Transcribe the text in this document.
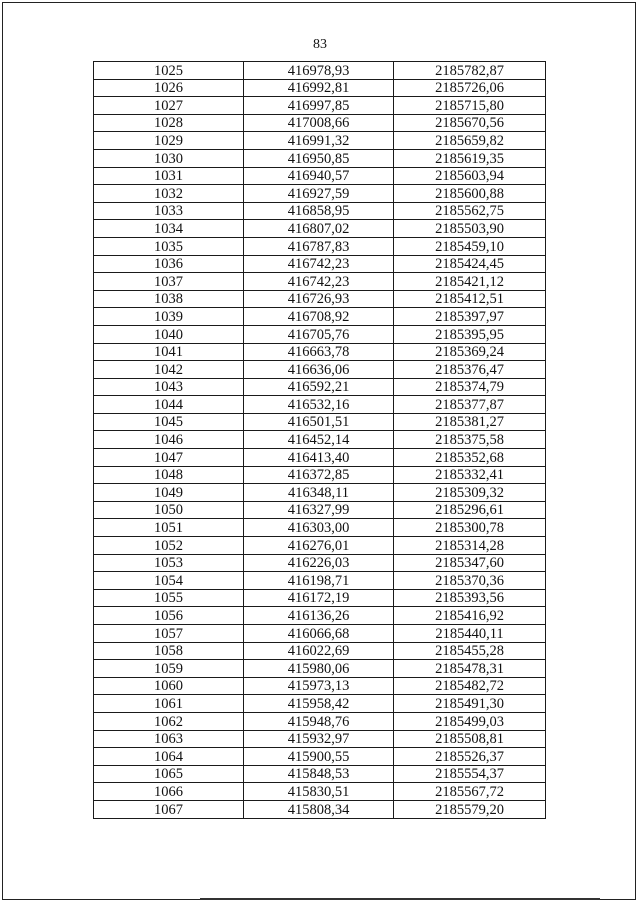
83
1025	416978,93	2185782,87
1026	416992,81	2185726,06
1027	416997,85	2185715,80
1028	417008,66	2185670,56
1029	416991,32	2185659,82
1030	416950,85	2185619,35
1031	416940,57	2185603,94
1032	416927,59	2185600,88
1033	416858,95	2185562,75
1034	416807,02	2185503,90
1035	416787,83	2185459,10
1036	416742,23	2185424,45
1037	416742,23	2185421,12
1038	416726,93	2185412,51
1039	416708,92	2185397,97
1040	416705,76	2185395,95
1041	416663,78	2185369,24
1042	416636,06	2185376,47
1043	416592,21	2185374,79
1044	416532,16	2185377,87
1045	416501,51	2185381,27
1046	416452,14	2185375,58
1047	416413,40	2185352,68
1048	416372,85	2185332,41
1049	416348,11	2185309,32
1050	416327,99	2185296,61
1051	416303,00	2185300,78
1052	416276,01	2185314,28
1053	416226,03	2185347,60
1054	416198,71	2185370,36
1055	416172,19	2185393,56
1056	416136,26	2185416,92
1057	416066,68	2185440,11
1058	416022,69	2185455,28
1059	415980,06	2185478,31
1060	415973,13	2185482,72
1061	415958,42	2185491,30
1062	415948,76	2185499,03
1063	415932,97	2185508,81
1064	415900,55	2185526,37
1065	415848,53	2185554,37
1066	415830,51	2185567,72
1067	415808,34	2185579,20
